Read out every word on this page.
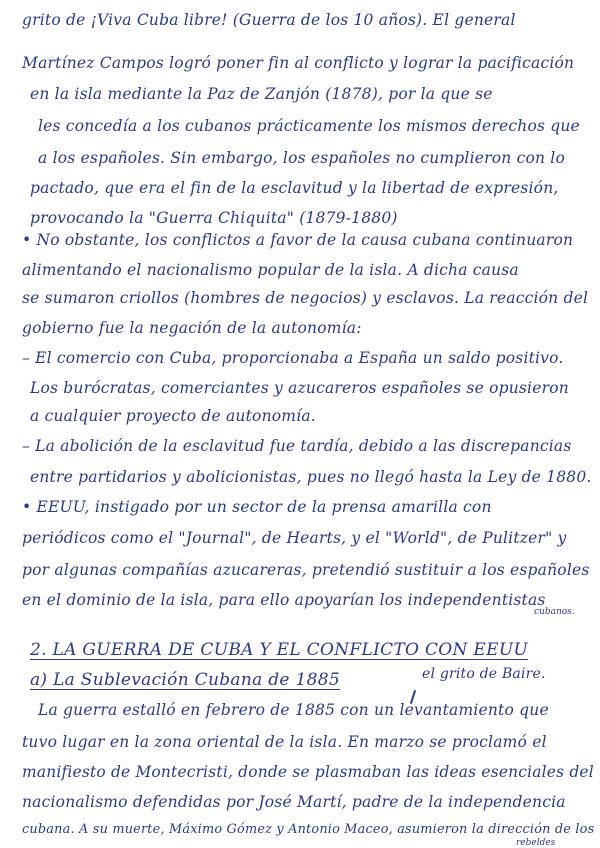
grito de ¡Viva Cuba libre! (Guerra de los 10 años). El general
Martínez Campos logró poner fin al conflicto y lograr la pacificación
en la isla mediante la Paz de Zanjón (1878), por la que se
les concedía a los cubanos prácticamente los mismos derechos que
a los españoles. Sin embargo, los españoles no cumplieron con lo
pactado, que era el fin de la esclavitud y la libertad de expresión,
provocando la "Guerra Chiquita" (1879-1880)
• No obstante, los conflictos a favor de la causa cubana continuaron
alimentando el nacionalismo popular de la isla. A dicha causa
se sumaron criollos (hombres de negocios) y esclavos. La reacción del
gobierno fue la negación de la autonomía:
– El comercio con Cuba, proporcionaba a España un saldo positivo.
Los burócratas, comerciantes y azucareros españoles se opusieron
a cualquier proyecto de autonomía.
– La abolición de la esclavitud fue tardía, debido a las discrepancias
entre partidarios y abolicionistas, pues no llegó hasta la Ley de 1880.
• EEUU, instigado por un sector de la prensa amarilla con
periódicos como el "Journal", de Hearts, y el "World", de Pulitzer" y
por algunas compañías azucareras, pretendió sustituir a los españoles
en el dominio de la isla, para ello apoyarían los independentistas
cubanos.
2. LA GUERRA DE CUBA Y EL CONFLICTO CON EEUU
a) La Sublevación Cubana de 1885	el grito de Baire.
La guerra estalló en febrero de 1885 con un levantamiento que
tuvo lugar en la zona oriental de la isla. En marzo se proclamó el
manifiesto de Montecristi, donde se plasmaban las ideas esenciales del
nacionalismo defendidas por José Martí, padre de la independencia
cubana. A su muerte, Máximo Gómez y Antonio Maceo, asumieron la dirección de los
rebeldes
